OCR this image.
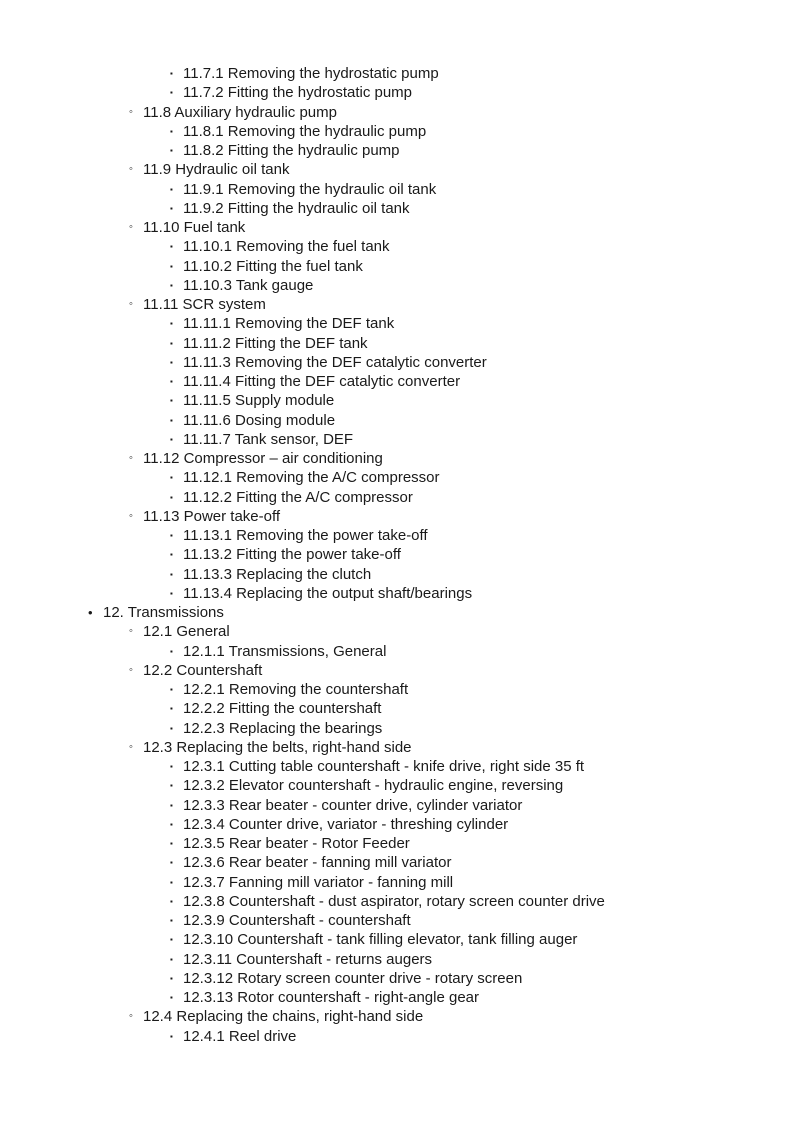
▪ 11.7.1 Removing the hydrostatic pump
▪ 11.7.2 Fitting the hydrostatic pump
◦ 11.8 Auxiliary hydraulic pump
▪ 11.8.1 Removing the hydraulic pump
▪ 11.8.2 Fitting the hydraulic pump
◦ 11.9 Hydraulic oil tank
▪ 11.9.1 Removing the hydraulic oil tank
▪ 11.9.2 Fitting the hydraulic oil tank
◦ 11.10 Fuel tank
▪ 11.10.1 Removing the fuel tank
▪ 11.10.2 Fitting the fuel tank
▪ 11.10.3 Tank gauge
◦ 11.11 SCR system
▪ 11.11.1 Removing the DEF tank
▪ 11.11.2 Fitting the DEF tank
▪ 11.11.3 Removing the DEF catalytic converter
▪ 11.11.4 Fitting the DEF catalytic converter
▪ 11.11.5 Supply module
▪ 11.11.6 Dosing module
▪ 11.11.7 Tank sensor, DEF
◦ 11.12 Compressor – air conditioning
▪ 11.12.1 Removing the A/C compressor
▪ 11.12.2 Fitting the A/C compressor
◦ 11.13 Power take-off
▪ 11.13.1 Removing the power take-off
▪ 11.13.2 Fitting the power take-off
▪ 11.13.3 Replacing the clutch
▪ 11.13.4 Replacing the output shaft/bearings
• 12. Transmissions
◦ 12.1 General
▪ 12.1.1 Transmissions, General
◦ 12.2 Countershaft
▪ 12.2.1 Removing the countershaft
▪ 12.2.2 Fitting the countershaft
▪ 12.2.3 Replacing the bearings
◦ 12.3 Replacing the belts, right-hand side
▪ 12.3.1 Cutting table countershaft - knife drive, right side 35 ft
▪ 12.3.2 Elevator countershaft - hydraulic engine, reversing
▪ 12.3.3 Rear beater - counter drive, cylinder variator
▪ 12.3.4 Counter drive, variator - threshing cylinder
▪ 12.3.5 Rear beater - Rotor Feeder
▪ 12.3.6 Rear beater - fanning mill variator
▪ 12.3.7 Fanning mill variator - fanning mill
▪ 12.3.8 Countershaft - dust aspirator, rotary screen counter drive
▪ 12.3.9 Countershaft - countershaft
▪ 12.3.10 Countershaft - tank filling elevator, tank filling auger
▪ 12.3.11 Countershaft - returns augers
▪ 12.3.12 Rotary screen counter drive - rotary screen
▪ 12.3.13 Rotor countershaft - right-angle gear
◦ 12.4 Replacing the chains, right-hand side
▪ 12.4.1 Reel drive
